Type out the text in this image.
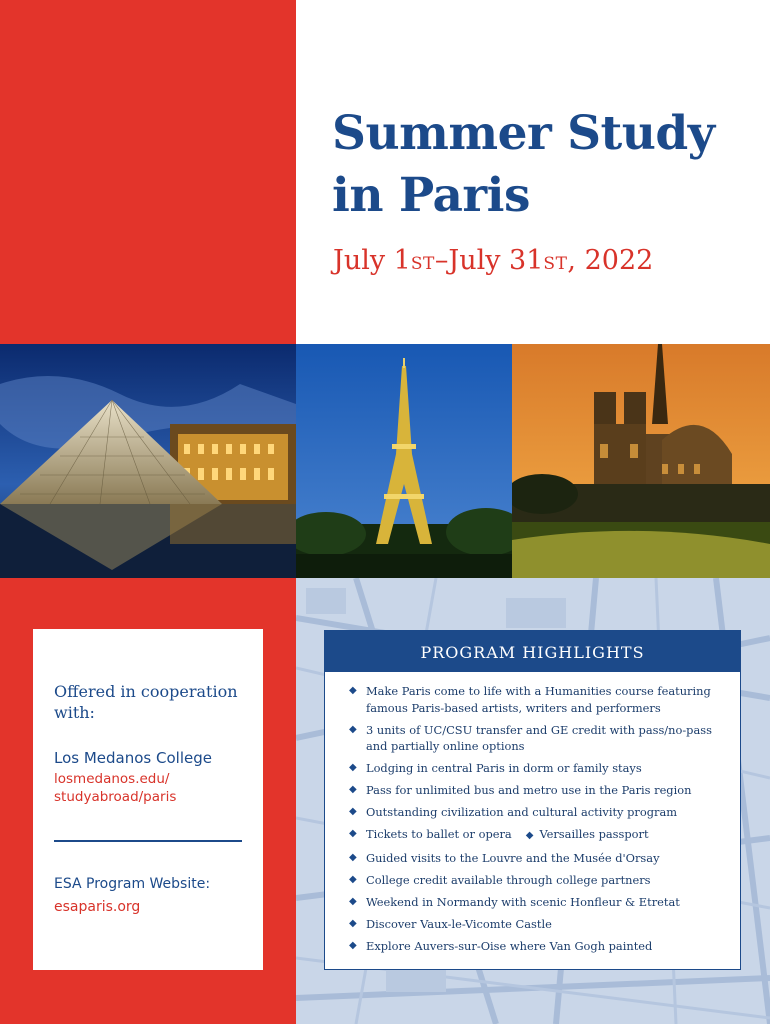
Summer Study
in Paris
July 1ST–July 31ST, 2022
Offered in cooperation with:
Los Medanos College
losmedanos.edu/ studyabroad/paris
ESA Program Website:
esaparis.org
PROGRAM HIGHLIGHTS
◆ Make Paris come to life with a Humanities course featuring famous Paris-based artists, writers and performers
◆ 3 units of UC/CSU transfer and GE credit with pass/no-pass and partially online options
◆ Lodging in central Paris in dorm or family stays
◆ Pass for unlimited bus and metro use in the Paris region
◆ Outstanding civilization and cultural activity program
◆ Tickets to ballet or opera ◆ Versailles passport
◆ Guided visits to the Louvre and the Musée d'Orsay
◆ College credit available through college partners
◆ Weekend in Normandy with scenic Honfleur & Etretat
◆ Discover Vaux-le-Vicomte Castle
◆ Explore Auvers-sur-Oise where Van Gogh painted
